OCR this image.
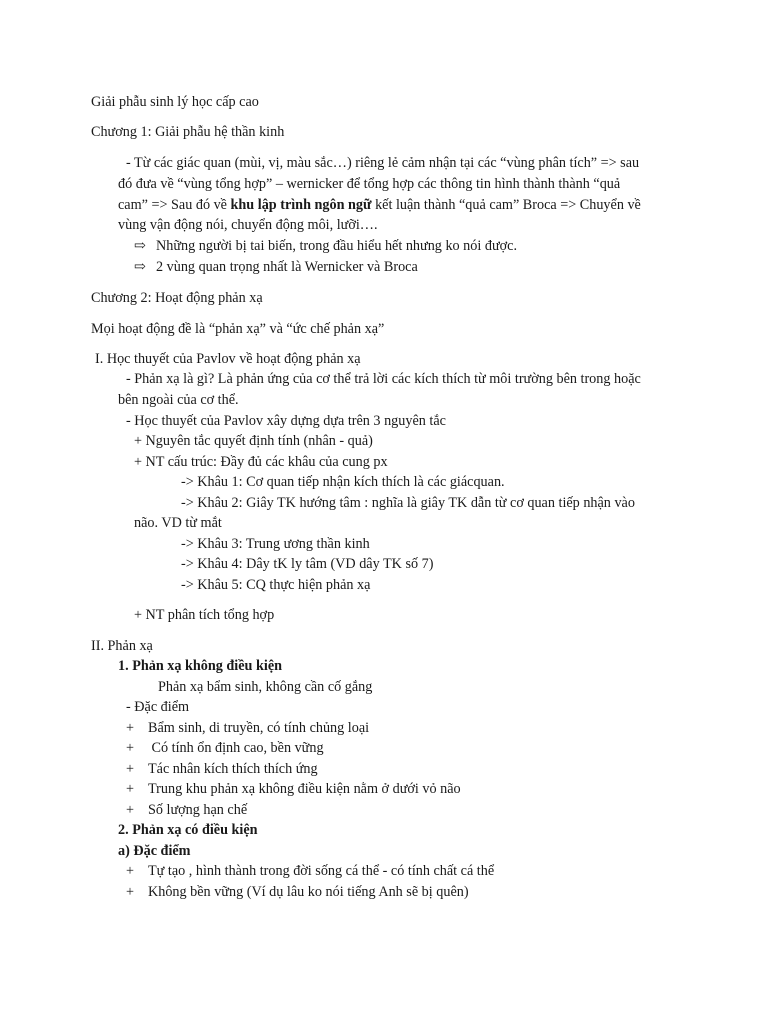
Giải phẫu sinh lý học cấp cao
Chương 1: Giải phẫu hệ thần kinh
- Từ các giác quan (mùi, vị, màu sắc…) riêng lẻ cảm nhận tại các “vùng phân tích” => sau
đó đưa về “vùng tổng hợp” – wernicker để tổng hợp các thông tin hình thành thành “quả
cam” => Sau đó về khu lập trình ngôn ngữ kết luận thành “quả cam” Broca => Chuyển về
vùng vận động nói, chuyển động môi, lưỡi….
⇨ Những người bị tai biến, trong đầu hiểu hết nhưng ko nói được.
⇨ 2 vùng quan trọng nhất là Wernicker và Broca
Chương 2: Hoạt động phản xạ
Mọi hoạt động đề là “phản xạ” và “ức chế phản xạ”
I. Học thuyết của Pavlov về hoạt động phản xạ
- Phản xạ là gì? Là phản ứng của cơ thể trả lời các kích thích từ môi trường bên trong hoặc
bên ngoài của cơ thể.
- Học thuyết của Pavlov xây dựng dựa trên 3 nguyên tắc
+ Nguyên tắc quyết định tính (nhân - quả)
+ NT cấu trúc: Đầy đủ các khâu của cung px
-> Khâu 1: Cơ quan tiếp nhận kích thích là các giácquan.
-> Khâu 2: Giây TK hướng tâm : nghĩa là giây TK dẫn từ cơ quan tiếp nhận vào
não. VD từ mắt
-> Khâu 3: Trung ương thần kinh
-> Khâu 4: Dây tK ly tâm (VD dây TK số 7)
-> Khâu 5: CQ thực hiện phản xạ
+ NT phân tích tổng hợp
II. Phản xạ
1. Phản xạ không điều kiện
Phản xạ bẩm sinh, không cần cố gắng
- Đặc điểm
+ Bẩm sinh, di truyền, có tính chủng loại
+ Có tính ổn định cao, bền vững
+ Tác nhân kích thích thích ứng
+ Trung khu phản xạ không điều kiện nằm ở dưới vỏ não
+ Số lượng hạn chế
2. Phản xạ có điều kiện
a) Đặc điểm
+ Tự tạo , hình thành trong đời sống cá thể - có tính chất cá thể
+ Không bền vững (Ví dụ lâu ko nói tiếng Anh sẽ bị quên)
